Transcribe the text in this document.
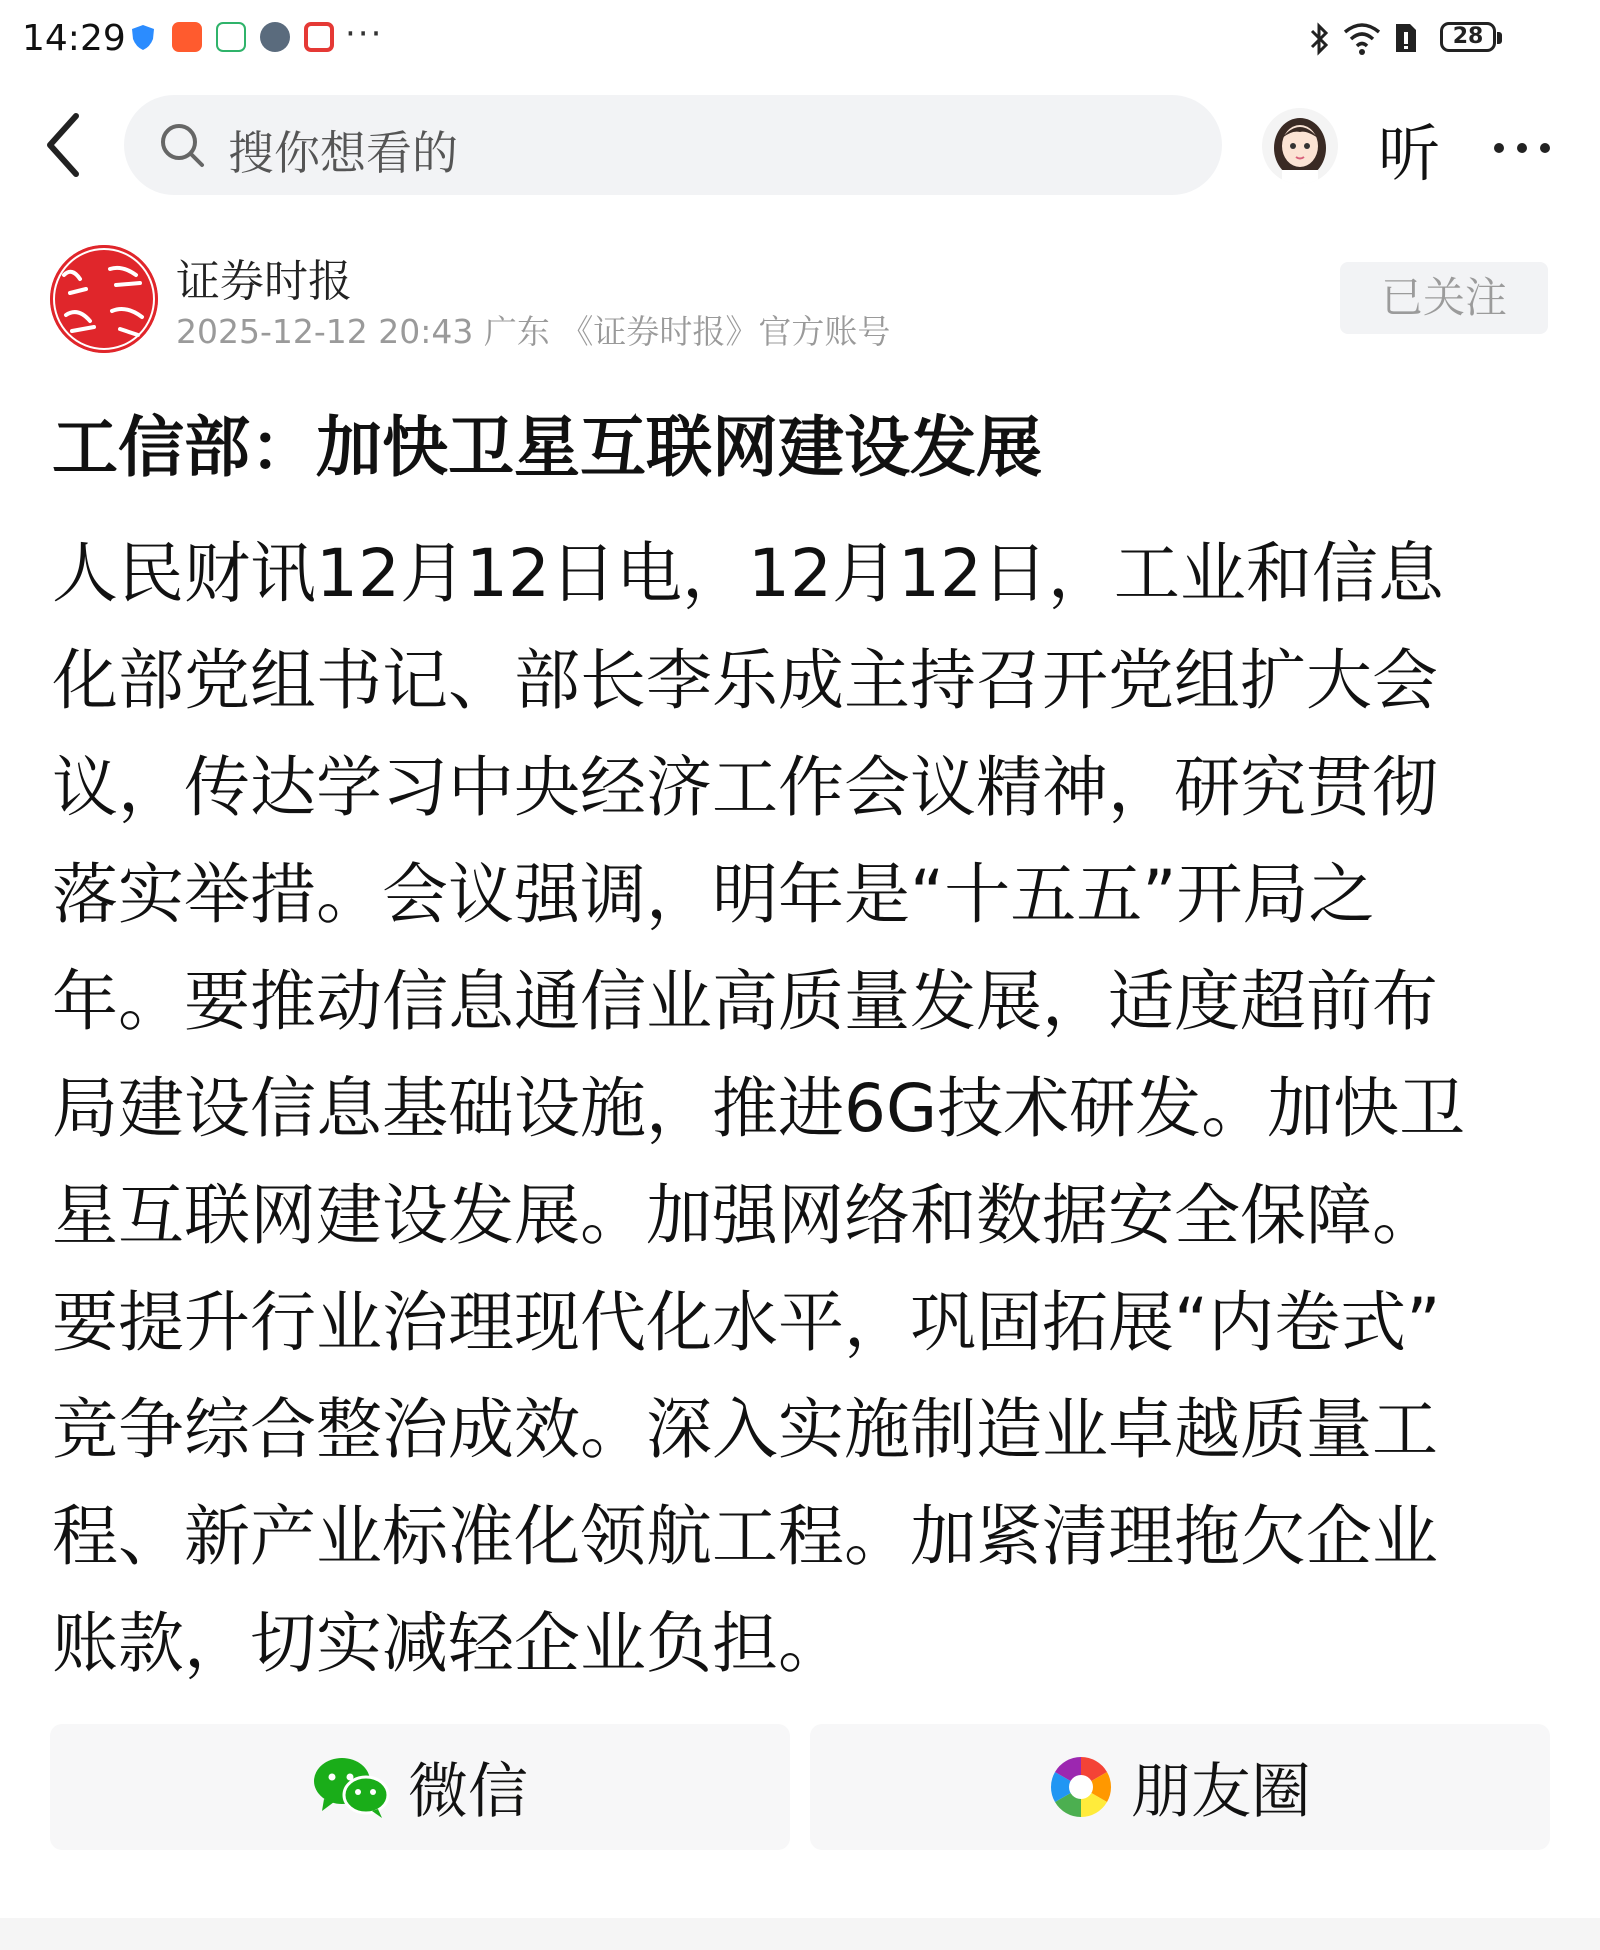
14:29	···	28
搜你想看的	听
证券时报
2025-12-12 20:43 广东 《证券时报》官方账号
已关注
工信部：加快卫星互联网建设发展
人民财讯12月12日电，12月12日，工业和信息
化部党组书记、部长李乐成主持召开党组扩大会
议，传达学习中央经济工作会议精神，研究贯彻
落实举措。会议强调，明年是“十五五”开局之
年。要推动信息通信业高质量发展，适度超前布
局建设信息基础设施，推进6G技术研发。加快卫
星互联网建设发展。加强网络和数据安全保障。
要提升行业治理现代化水平，巩固拓展“内卷式”
竞争综合整治成效。深入实施制造业卓越质量工
程、新产业标准化领航工程。加紧清理拖欠企业
账款，切实减轻企业负担。
微信	朋友圈
